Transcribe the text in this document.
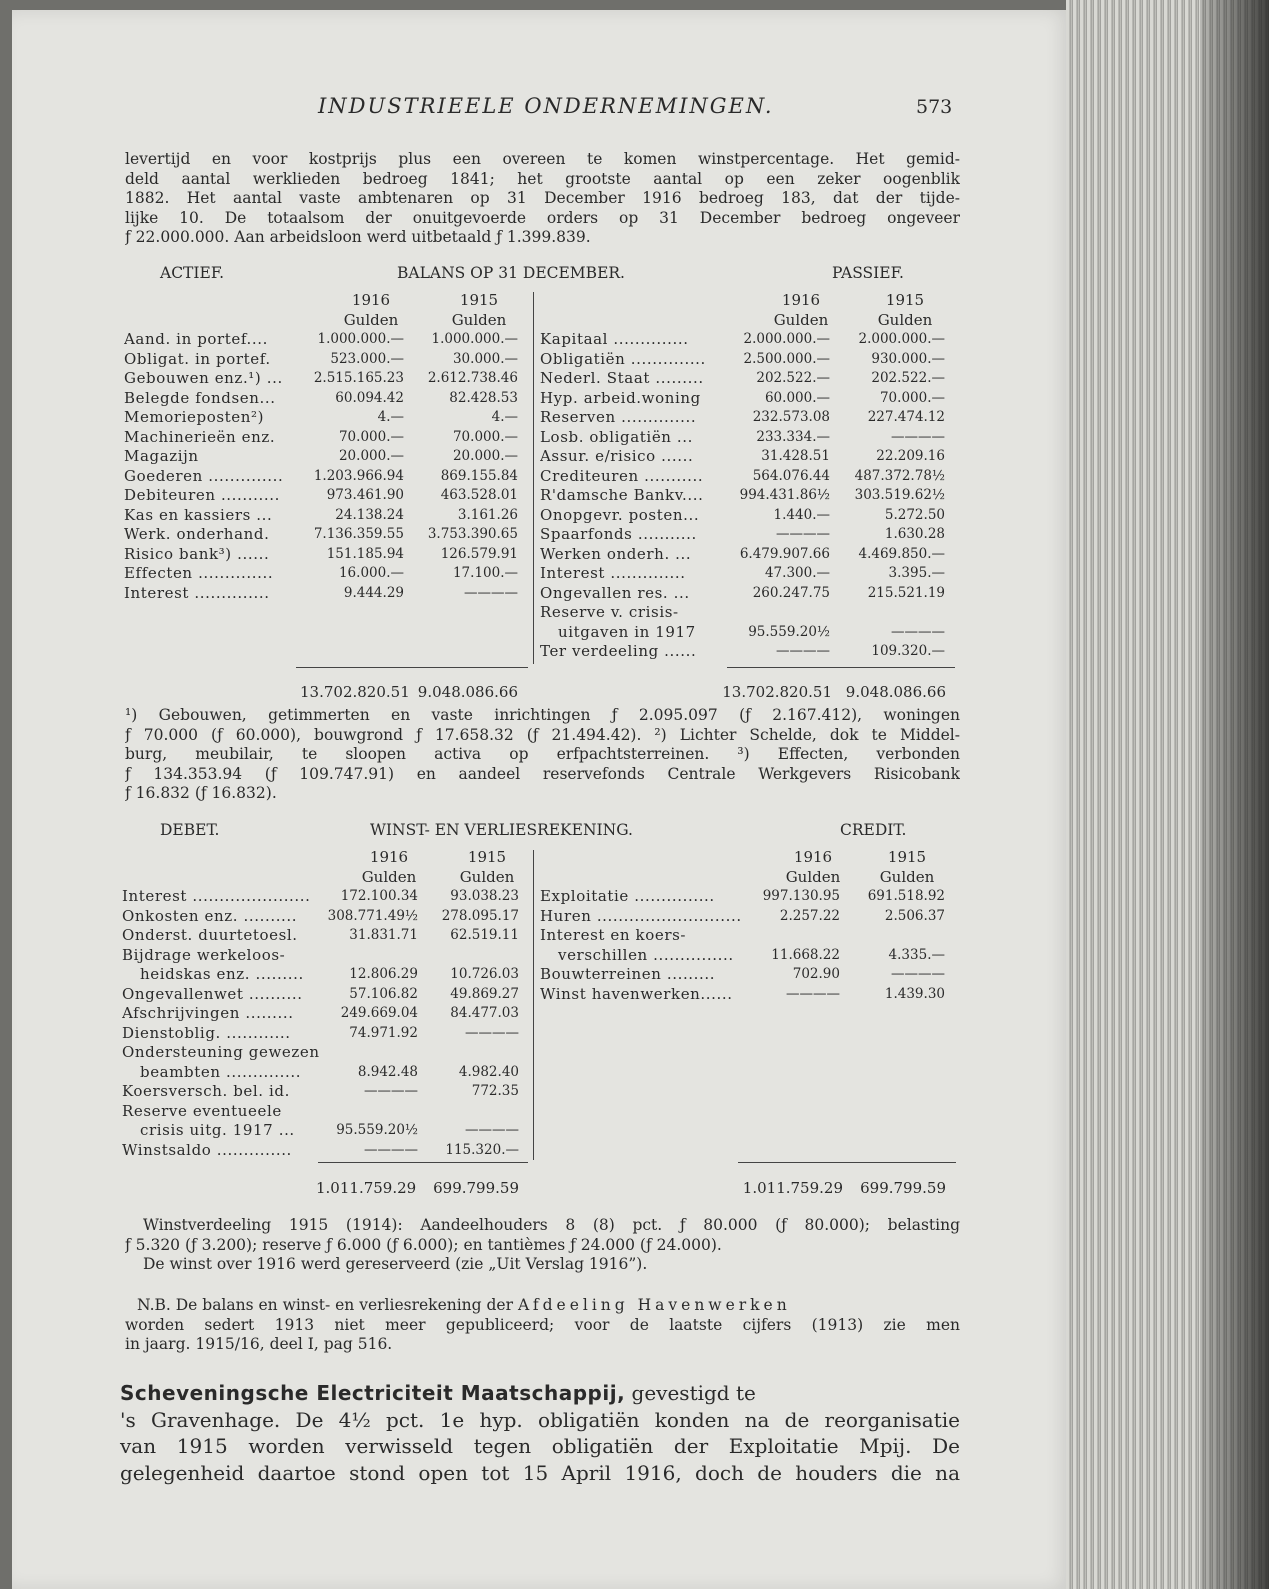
INDUSTRIEELE ONDERNEMINGEN.	573
levertijd en voor kostprijs plus een overeen te komen winstpercentage. Het gemid-
deld aantal werklieden bedroeg 1841; het grootste aantal op een zeker oogenblik
1882. Het aantal vaste ambtenaren op 31 December 1916 bedroeg 183, dat der tijde-
lijke 10. De totaalsom der onuitgevoerde orders op 31 December bedroeg ongeveer
ƒ 22.000.000. Aan arbeidsloon werd uitbetaald ƒ 1.399.839.
ACTIEF.	BALANS OP 31 DECEMBER.	PASSIEF.
1916
Gulden
1915
Gulden
1916
Gulden
1915
Gulden
Aand. in portef....	1.000.000.—	1.000.000.—
Obligat. in portef.	523.000.—	30.000.—
Gebouwen enz.¹) ...	2.515.165.23	2.612.738.46
Belegde fondsen...	60.094.42	82.428.53
Memorieposten²)	4.—	4.—
Machinerieën enz.	70.000.—	70.000.—
Magazijn	20.000.—	20.000.—
Goederen ..............	1.203.966.94	869.155.84
Debiteuren ...........	973.461.90	463.528.01
Kas en kassiers ...	24.138.24	3.161.26
Werk. onderhand.	7.136.359.55	3.753.390.65
Risico bank³) ......	151.185.94	126.579.91
Effecten ..............	16.000.—	17.100.—
Interest ..............	9.444.29	————
Kapitaal ..............	2.000.000.—	2.000.000.—
Obligatiën ..............	2.500.000.—	930.000.—
Nederl. Staat .........	202.522.—	202.522.—
Hyp. arbeid.woning	60.000.—	70.000.—
Reserven ..............	232.573.08	227.474.12
Losb. obligatiën ...	233.334.—	————
Assur. e/risico ......	31.428.51	22.209.16
Crediteuren ...........	564.076.44	487.372.78½
R'damsche Bankv....	994.431.86½	303.519.62½
Onopgevr. posten...	1.440.—	5.272.50
Spaarfonds ...........	————	1.630.28
Werken onderh. ...	6.479.907.66	4.469.850.—
Interest ..............	47.300.—	3.395.—
Ongevallen res. ...	260.247.75	215.521.19
Reserve v. crisis-
uitgaven in 1917	95.559.20½	————
Ter verdeeling ......	————	109.320.—
13.702.820.51 9.048.086.66	13.702.820.51 9.048.086.66
¹) Gebouwen, getimmerten en vaste inrichtingen ƒ 2.095.097 (ƒ 2.167.412), woningen
ƒ 70.000 (ƒ 60.000), bouwgrond ƒ 17.658.32 (ƒ 21.494.42). ²) Lichter Schelde, dok te Middel-
burg, meubilair, te sloopen activa op erfpachtsterreinen. ³) Effecten, verbonden
ƒ 134.353.94 (ƒ 109.747.91) en aandeel reservefonds Centrale Werkgevers Risicobank
ƒ 16.832 (ƒ 16.832).
DEBET.	WINST- EN VERLIESREKENING.	CREDIT.
1916
Gulden
1915
Gulden
1916
Gulden
1915
Gulden
Interest ......................	172.100.34	93.038.23
Onkosten enz. ..........	308.771.49½	278.095.17
Onderst. duurtetoesl.	31.831.71	62.519.11
Bijdrage werkeloos-
heidskas enz. .........	12.806.29	10.726.03
Ongevallenwet ..........	57.106.82	49.869.27
Afschrijvingen .........	249.669.04	84.477.03
Dienstoblig. ............	74.971.92	————
Ondersteuning gewezen
beambten ..............	8.942.48	4.982.40
Koersversch. bel. id.	————	772.35
Reserve eventueele
crisis uitg. 1917 ...	95.559.20½	————
Winstsaldo ..............	————	115.320.—
Exploitatie ...............	997.130.95	691.518.92
Huren ...........................	2.257.22	2.506.37
Interest en koers-
verschillen ...............	11.668.22	4.335.—
Bouwterreinen .........	702.90	————
Winst havenwerken......	————	1.439.30
1.011.759.29	699.799.59	1.011.759.29	699.799.59
Winstverdeeling 1915 (1914): Aandeelhouders 8 (8) pct. ƒ 80.000 (ƒ 80.000); belasting
ƒ 5.320 (ƒ 3.200); reserve ƒ 6.000 (ƒ 6.000); en tantièmes ƒ 24.000 (ƒ 24.000).
De winst over 1916 werd gereserveerd (zie „Uit Verslag 1916”).
N.B. De balans en winst- en verliesrekening der Afdeeling Havenwerken
worden sedert 1913 niet meer gepubliceerd; voor de laatste cijfers (1913) zie men
in jaarg. 1915/16, deel I, pag 516.
Scheveningsche Electriciteit Maatschappij, gevestigd te
's Gravenhage. De 4½ pct. 1e hyp. obligatiën konden na de reorganisatie
van 1915 worden verwisseld tegen obligatiën der Exploitatie Mpij. De
gelegenheid daartoe stond open tot 15 April 1916, doch de houders die na
